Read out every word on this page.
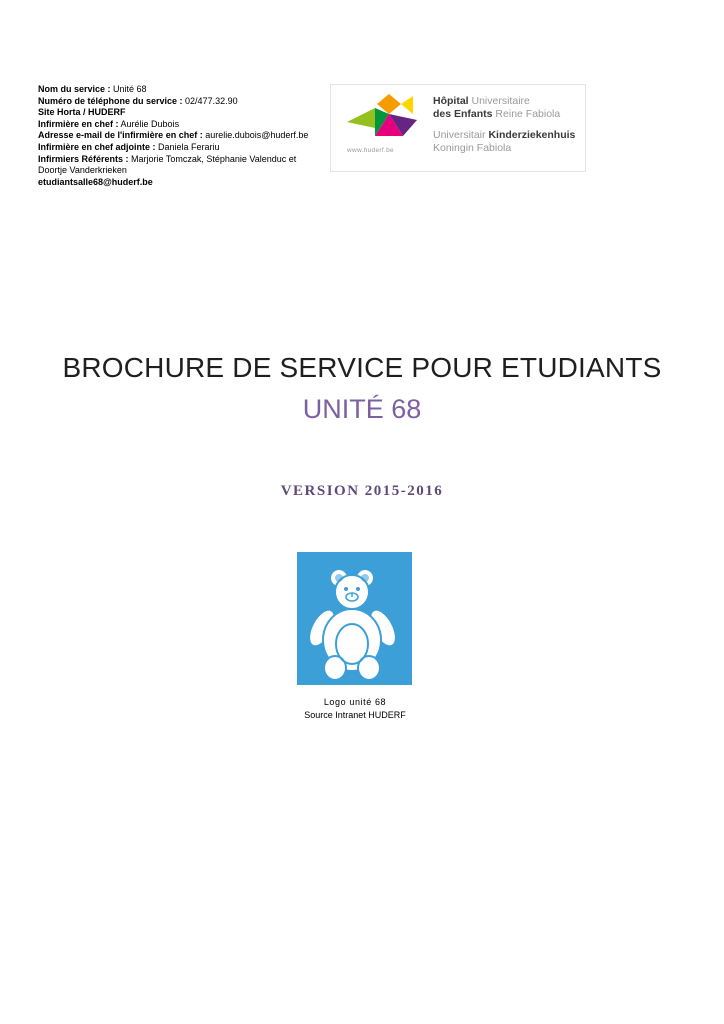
Nom du service : Unité 68
Numéro de téléphone du service : 02/477.32.90
Site Horta / HUDERF
Infirmière en chef : Aurélie Dubois
Adresse e-mail de l'infirmière en chef : aurelie.dubois@huderf.be
Infirmière en chef adjointe : Daniela Ferariu
Infirmiers Référents : Marjorie Tomczak, Stéphanie Valenduc et
Doortje Vanderkrieken
etudiantsalle68@huderf.be
www.huderf.be
Hôpital Universitaire
des Enfants Reine Fabiola
Universitair Kinderziekenhuis
Koningin Fabiola
BROCHURE DE SERVICE POUR ETUDIANTS
UNITÉ 68
VERSION 2015-2016
Logo unité 68
Source Intranet HUDERF
